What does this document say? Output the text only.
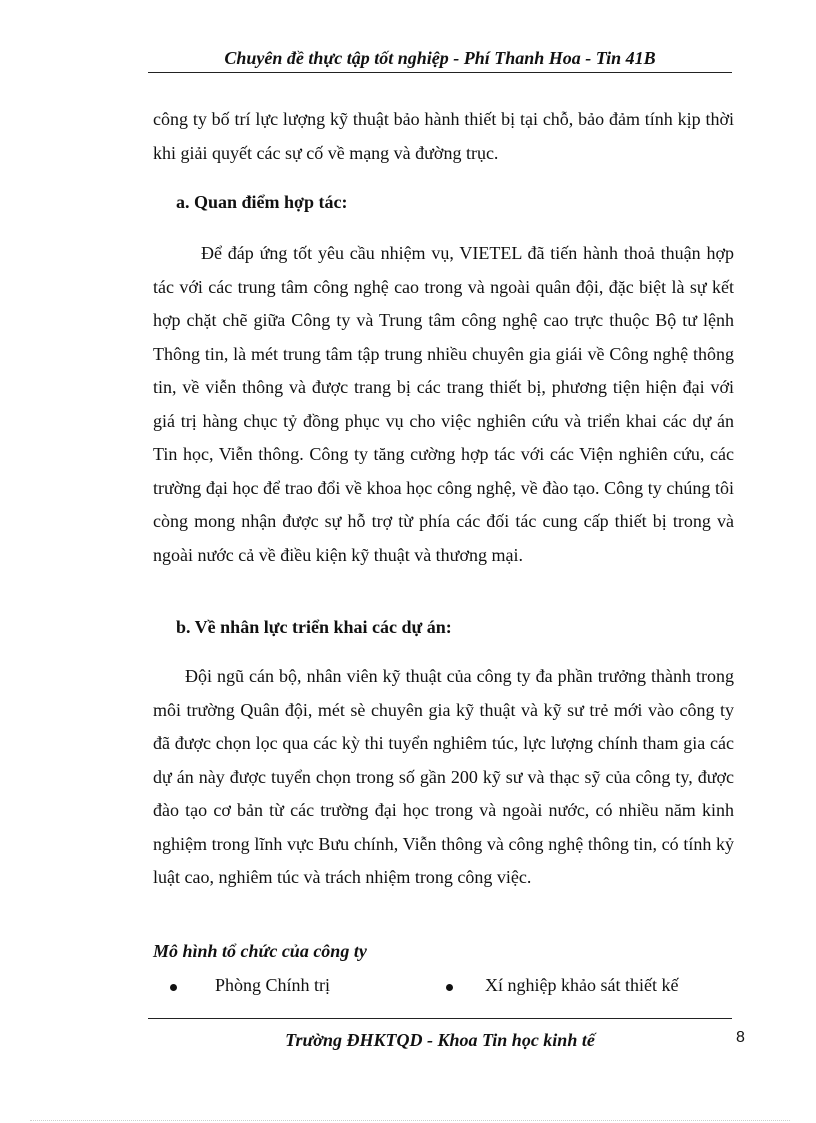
Chuyên đề thực tập tốt nghiệp - Phí Thanh Hoa - Tin 41B

công ty bố trí lực lượng kỹ thuật bảo hành thiết bị tại chỗ, bảo đảm tính kịp thời khi giải quyết các sự cố về mạng và đường trục.

a. Quan điểm hợp tác:

Để đáp ứng tốt yêu cầu nhiệm vụ, VIETEL đã tiến hành thoả thuận hợp tác với các trung tâm công nghệ cao trong và ngoài quân đội, đặc biệt là sự kết hợp chặt chẽ giữa Công ty và Trung tâm công nghệ cao trực thuộc Bộ tư lệnh Thông tin, là mét trung tâm tập trung nhiều chuyên gia giái về Công nghệ thông tin, về viễn thông và được trang bị các trang thiết bị, phương tiện hiện đại với giá trị hàng chục tỷ đồng phục vụ cho việc nghiên cứu và triển khai các dự án Tin học, Viễn thông. Công ty tăng cường hợp tác với các Viện nghiên cứu, các trường đại học để trao đổi về khoa học công nghệ, về đào tạo. Công ty chúng tôi còng mong nhận được sự hỗ trợ từ phía các đối tác cung cấp thiết bị trong và ngoài nước cả về điều kiện kỹ thuật và thương mại.

b. Về nhân lực triển khai các dự án:

Đội ngũ cán bộ, nhân viên kỹ thuật của công ty đa phần trưởng thành trong môi trường Quân đội, mét sè chuyên gia kỹ thuật và kỹ sư trẻ mới vào công ty đã được chọn lọc qua các kỳ thi tuyển nghiêm túc, lực lượng chính tham gia các dự án này được tuyển chọn trong số gần 200 kỹ sư và thạc sỹ của công ty, được đào tạo cơ bản từ các trường đại học trong và ngoài nước, có nhiều năm kinh nghiệm trong lĩnh vực Bưu chính, Viễn thông và công nghệ thông tin, có tính kỷ luật cao, nghiêm túc và trách nhiệm trong công việc.

Mô hình tổ chức của công ty
Phòng Chính trị	Xí nghiệp khảo sát thiết kế
Trường ĐHKTQD - Khoa Tin học kinh tế	8
